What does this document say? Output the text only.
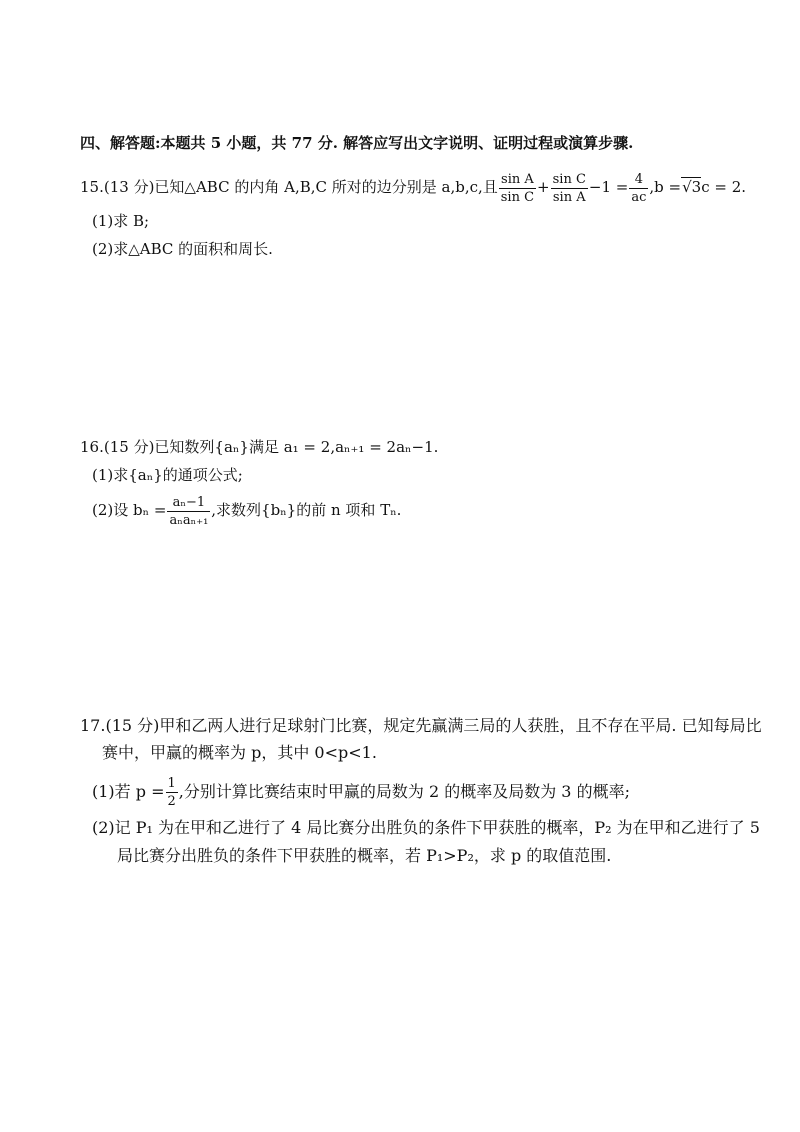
四、解答题:本题共 5 小题，共 77 分. 解答应写出文字说明、证明过程或演算步骤.
15.(13 分)已知△ABC 的内角 A,B,C 所对的边分别是 a,b,c,且 $\frac{\text{sin A}}{\text{sin C}} + \frac{\text{sin C}}{\text{sin A}} -1 = \frac{4}{ac} ,b =√3c = 2$.
(1)求 B;
(2)求△ABC 的面积和周长.
16.(15 分)已知数列{aₙ}满足 a₁ = 2,aₙ₊₁ = 2aₙ−1.
(1)求{aₙ}的通项公式;
(2)设 $b_n = \frac{\text{aₙ−1}}{\text{aₙaₙ₊₁}}$ ,求数列{bₙ}的前 n 项和 Tₙ.
17.(15 分)甲和乙两人进行足球射门比赛，规定先赢满三局的人获胜，且不存在平局. 已知每局比
赛中，甲赢的概率为 p，其中 0<p<1.
(1)若 $p = \frac{1}{2}$ ,分别计算比赛结束时甲赢的局数为 2 的概率及局数为 3 的概率;
(2)记 P₁ 为在甲和乙进行了 4 局比赛分出胜负的条件下甲获胜的概率，P₂ 为在甲和乙进行了 5
局比赛分出胜负的条件下甲获胜的概率，若 P₁>P₂，求 p 的取值范围.
